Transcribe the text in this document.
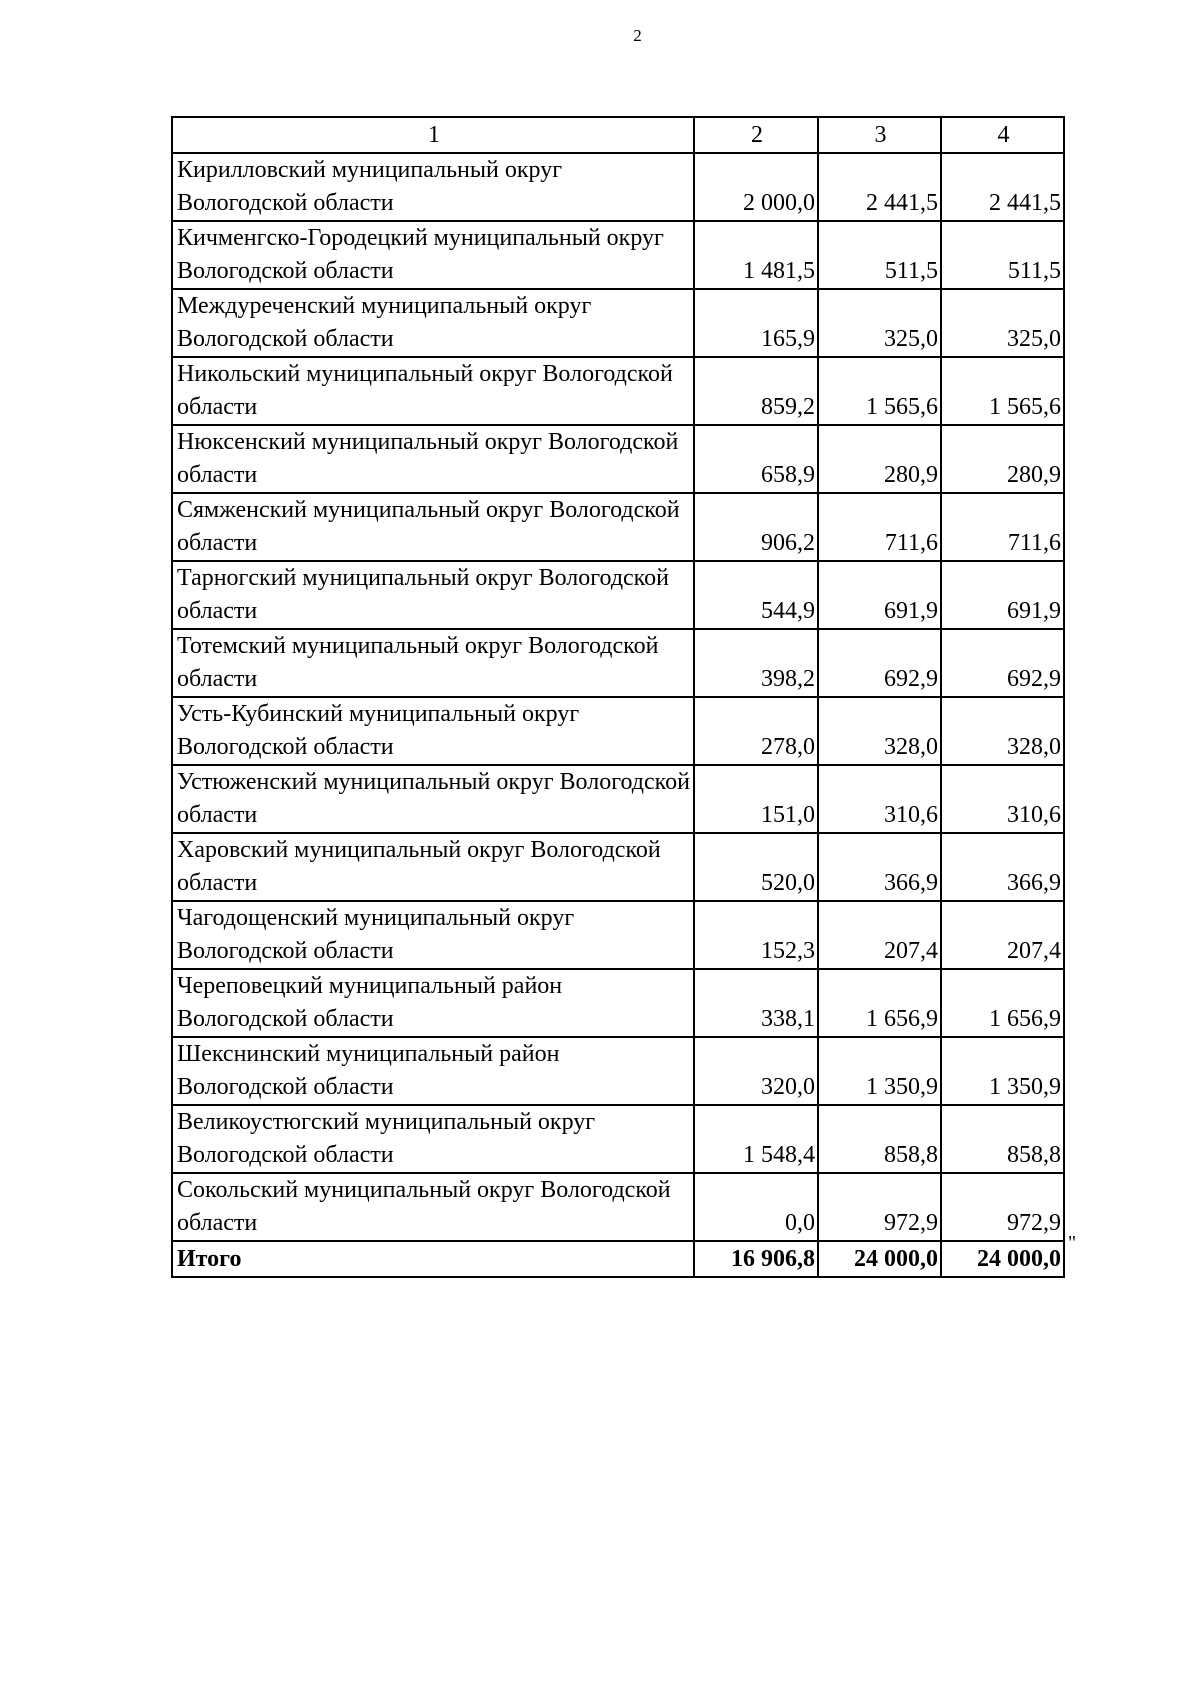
2
1	2	3	4
Кирилловский муниципальный округ Вологодской области	2 000,0	2 441,5	2 441,5
Кичменгско-Городецкий муниципальный округ Вологодской области	1 481,5	511,5	511,5
Междуреченский муниципальный округ Вологодской области	165,9	325,0	325,0
Никольский муниципальный округ Вологодской области	859,2	1 565,6	1 565,6
Нюксенский муниципальный округ Вологодской области	658,9	280,9	280,9
Сямженский муниципальный округ Вологодской области	906,2	711,6	711,6
Тарногский муниципальный округ Вологодской области	544,9	691,9	691,9
Тотемский муниципальный округ Вологодской области	398,2	692,9	692,9
Усть-Кубинский муниципальный округ Вологодской области	278,0	328,0	328,0
Устюженский муниципальный округ Вологодской области	151,0	310,6	310,6
Харовский муниципальный округ Вологодской области	520,0	366,9	366,9
Чагодощенский муниципальный округ Вологодской области	152,3	207,4	207,4
Череповецкий муниципальный район Вологодской области	338,1	1 656,9	1 656,9
Шекснинский муниципальный район Вологодской области	320,0	1 350,9	1 350,9
Великоустюгский муниципальный округ Вологодской области	1 548,4	858,8	858,8
Сокольский муниципальный округ Вологодской области	0,0	972,9	972,9
Итого	16 906,8	24 000,0	24 000,0
"
